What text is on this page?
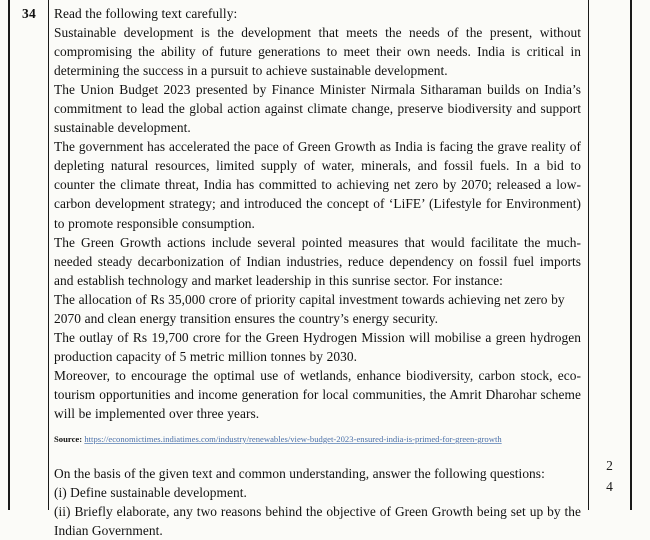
34	Read the following text carefully:

Sustainable development is the development that meets the needs of the present, without compromising the ability of future generations to meet their own needs. India is critical in determining the success in a pursuit to achieve sustainable development.

The Union Budget 2023 presented by Finance Minister Nirmala Sitharaman builds on India’s commitment to lead the global action against climate change, preserve biodiversity and support sustainable development.

The government has accelerated the pace of Green Growth as India is facing the grave reality of depleting natural resources, limited supply of water, minerals, and fossil fuels. In a bid to counter the climate threat, India has committed to achieving net zero by 2070; released a low-carbon development strategy; and introduced the concept of ‘LiFE’ (Lifestyle for Environment) to promote responsible consumption.

The Green Growth actions include several pointed measures that would facilitate the much-needed steady decarbonization of Indian industries, reduce dependency on fossil fuel imports and establish technology and market leadership in this sunrise sector. For instance:

The allocation of Rs 35,000 crore of priority capital investment towards achieving net zero by 2070 and clean energy transition ensures the country’s energy security.

The outlay of Rs 19,700 crore for the Green Hydrogen Mission will mobilise a green hydrogen production capacity of 5 metric million tonnes by 2030.

Moreover, to encourage the optimal use of wetlands, enhance biodiversity, carbon stock, eco-tourism opportunities and income generation for local communities, the Amrit Dharohar scheme will be implemented over three years.

Source: https://economictimes.indiatimes.com/industry/renewables/view-budget-2023-ensured-india-is-primed-for-green-growth

On the basis of the given text and common understanding, answer the following questions:

(i) Define sustainable development.

(ii) Briefly elaborate, any two reasons behind the objective of Green Growth being set up by the Indian Government.

2
4
